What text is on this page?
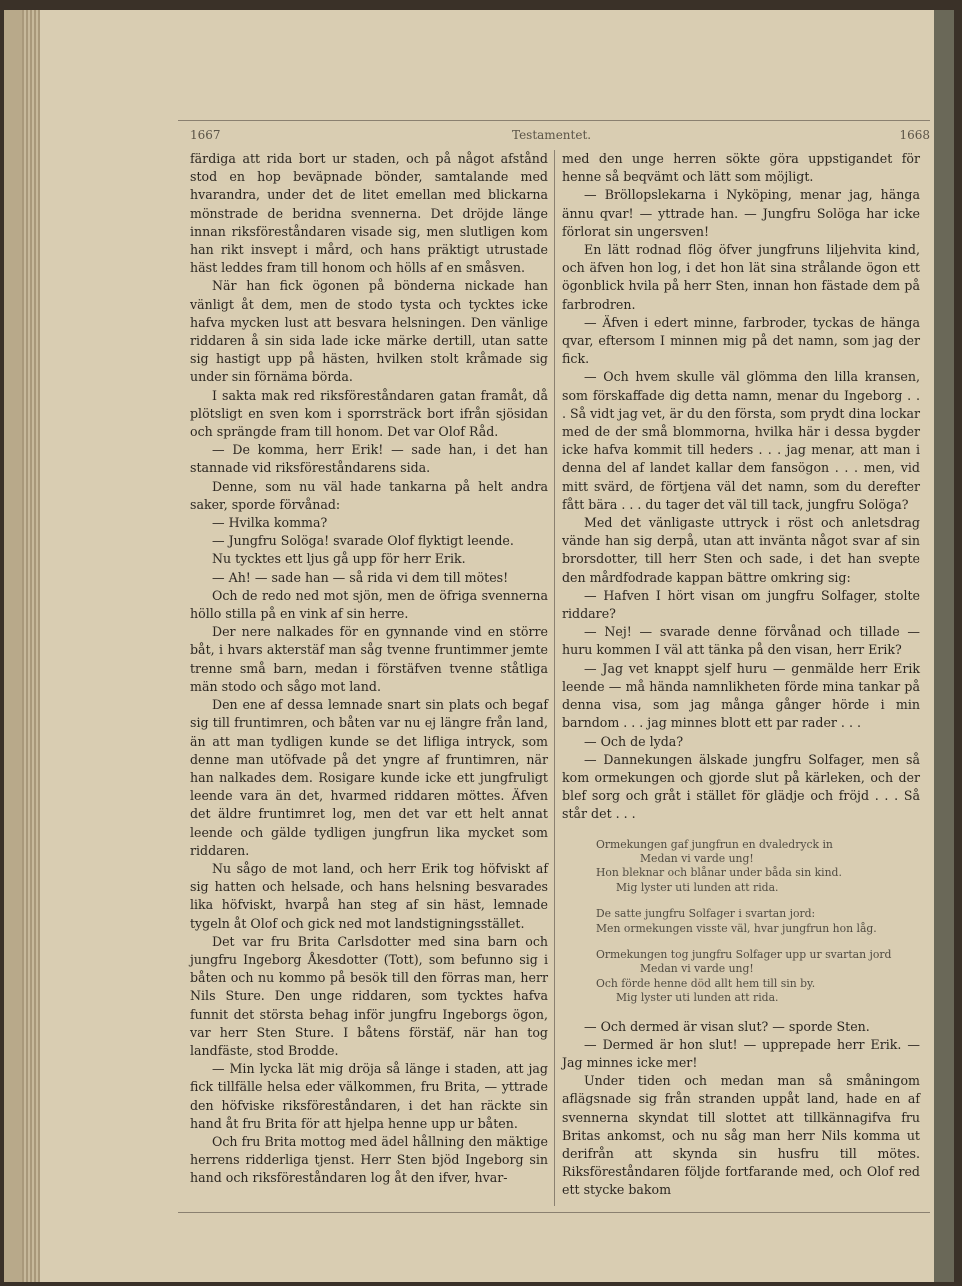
1667	Testamentet.	1668

färdiga att rida bort ur staden, och på något afstånd stod en hop beväpnade bönder, samtalande med hvarandra, under det de litet emellan med blickarna mönstrade de beridna svennerna. Det dröjde länge innan riksföreståndaren visade sig, men slutligen kom han rikt insvept i mård, och hans präktigt utrustade häst leddes fram till honom och hölls af en småsven.

När han fick ögonen på bönderna nickade han vänligt åt dem, men de stodo tysta och tycktes icke hafva mycken lust att besvara helsningen. Den vänlige riddaren å sin sida lade icke märke dertill, utan satte sig hastigt upp på hästen, hvilken stolt kråmade sig under sin förnäma börda.

I sakta mak red riksföreståndaren gatan framåt, då plötsligt en sven kom i sporrsträck bort ifrån sjösidan och sprängde fram till honom. Det var Olof Råd.

— De komma, herr Erik! — sade han, i det han stannade vid riksföreståndarens sida.

Denne, som nu väl hade tankarna på helt andra saker, sporde förvånad:

— Hvilka komma?

— Jungfru Solöga! svarade Olof flyktigt leende.

Nu tycktes ett ljus gå upp för herr Erik.

— Ah! — sade han — så rida vi dem till mötes!

Och de redo ned mot sjön, men de öfriga svennerna höllo stilla på en vink af sin herre.

Der nere nalkades för en gynnande vind en större båt, i hvars akterstäf man såg tvenne fruntimmer jemte trenne små barn, medan i förstäfven tvenne ståtliga män stodo och sågo mot land.

Den ene af dessa lemnade snart sin plats och begaf sig till fruntimren, och båten var nu ej längre från land, än att man tydligen kunde se det lifliga intryck, som denne man utöfvade på det yngre af fruntimren, när han nalkades dem. Rosigare kunde icke ett jungfruligt leende vara än det, hvarmed riddaren möttes. Äfven det äldre fruntimret log, men det var ett helt annat leende och gälde tydligen jungfrun lika mycket som riddaren.

Nu sågo de mot land, och herr Erik tog höfviskt af sig hatten och helsade, och hans helsning besvarades lika höfviskt, hvarpå han steg af sin häst, lemnade tygeln åt Olof och gick ned mot landstigningsstället.

Det var fru Brita Carlsdotter med sina barn och jungfru Ingeborg Åkesdotter (Tott), som befunno sig i båten och nu kommo på besök till den förras man, herr Nils Sture. Den unge riddaren, som tycktes hafva funnit det största behag inför jungfru Ingeborgs ögon, var herr Sten Sture. I båtens förstäf, när han tog landfäste, stod Brodde.

— Min lycka lät mig dröja så länge i staden, att jag fick tillfälle helsa eder välkommen, fru Brita, — yttrade den höfviske riksföreståndaren, i det han räckte sin hand åt fru Brita för att hjelpa henne upp ur båten.

Och fru Brita mottog med ädel hållning den mäktige herrens ridderliga tjenst. Herr Sten bjöd Ingeborg sin hand och riksföreståndaren log åt den ifver, hvar-

med den unge herren sökte göra uppstigandet för henne så beqvämt och lätt som möjligt.

— Bröllopslekarna i Nyköping, menar jag, hänga ännu qvar! — yttrade han. — Jungfru Solöga har icke förlorat sin ungersven!

En lätt rodnad flög öfver jungfruns liljehvita kind, och äfven hon log, i det hon lät sina strålande ögon ett ögonblick hvila på herr Sten, innan hon fästade dem på farbrodren.

— Äfven i edert minne, farbroder, tyckas de hänga qvar, eftersom I minnen mig på det namn, som jag der fick.

— Och hvem skulle väl glömma den lilla kransen, som förskaffade dig detta namn, menar du Ingeborg . . . Så vidt jag vet, är du den första, som prydt dina lockar med de der små blommorna, hvilka här i dessa bygder icke hafva kommit till heders . . . jag menar, att man i denna del af landet kallar dem fansögon . . . men, vid mitt svärd, de förtjena väl det namn, som du derefter fått bära . . . du tager det väl till tack, jungfru Solöga?

Med det vänligaste uttryck i röst och anletsdrag vände han sig derpå, utan att invänta något svar af sin brorsdotter, till herr Sten och sade, i det han svepte den mårdfodrade kappan bättre omkring sig:

— Hafven I hört visan om jungfru Solfager, stolte riddare?

— Nej! — svarade denne förvånad och tillade — huru kommen I väl att tänka på den visan, herr Erik?

— Jag vet knappt sjelf huru — genmälde herr Erik leende — må hända namnlikheten förde mina tankar på denna visa, som jag många gånger hörde i min barndom . . . jag minnes blott ett par rader . . .

— Och de lyda?

— Dannekungen älskade jungfru Solfager, men så kom ormekungen och gjorde slut på kärleken, och der blef sorg och gråt i stället för glädje och fröjd . . . Så står det . . .

Ormekungen gaf jungfrun en dvaledryck in
Medan vi varde ung!
Hon bleknar och blånar under båda sin kind.
Mig lyster uti lunden att rida.
De satte jungfru Solfager i svartan jord:
Men ormekungen visste väl, hvar jungfrun hon låg.
Ormekungen tog jungfru Solfager upp ur svartan jord
Medan vi varde ung!
Och förde henne död allt hem till sin by.
Mig lyster uti lunden att rida.

— Och dermed är visan slut? — sporde Sten.

— Dermed är hon slut! — upprepade herr Erik. — Jag minnes icke mer!

Under tiden och medan man så småningom aflägsnade sig från stranden uppåt land, hade en af svennerna skyndat till slottet att tillkännagifva fru Britas ankomst, och nu såg man herr Nils komma ut derifrån att skynda sin husfru till mötes. Riksföreståndaren följde fortfarande med, och Olof red ett stycke bakom
